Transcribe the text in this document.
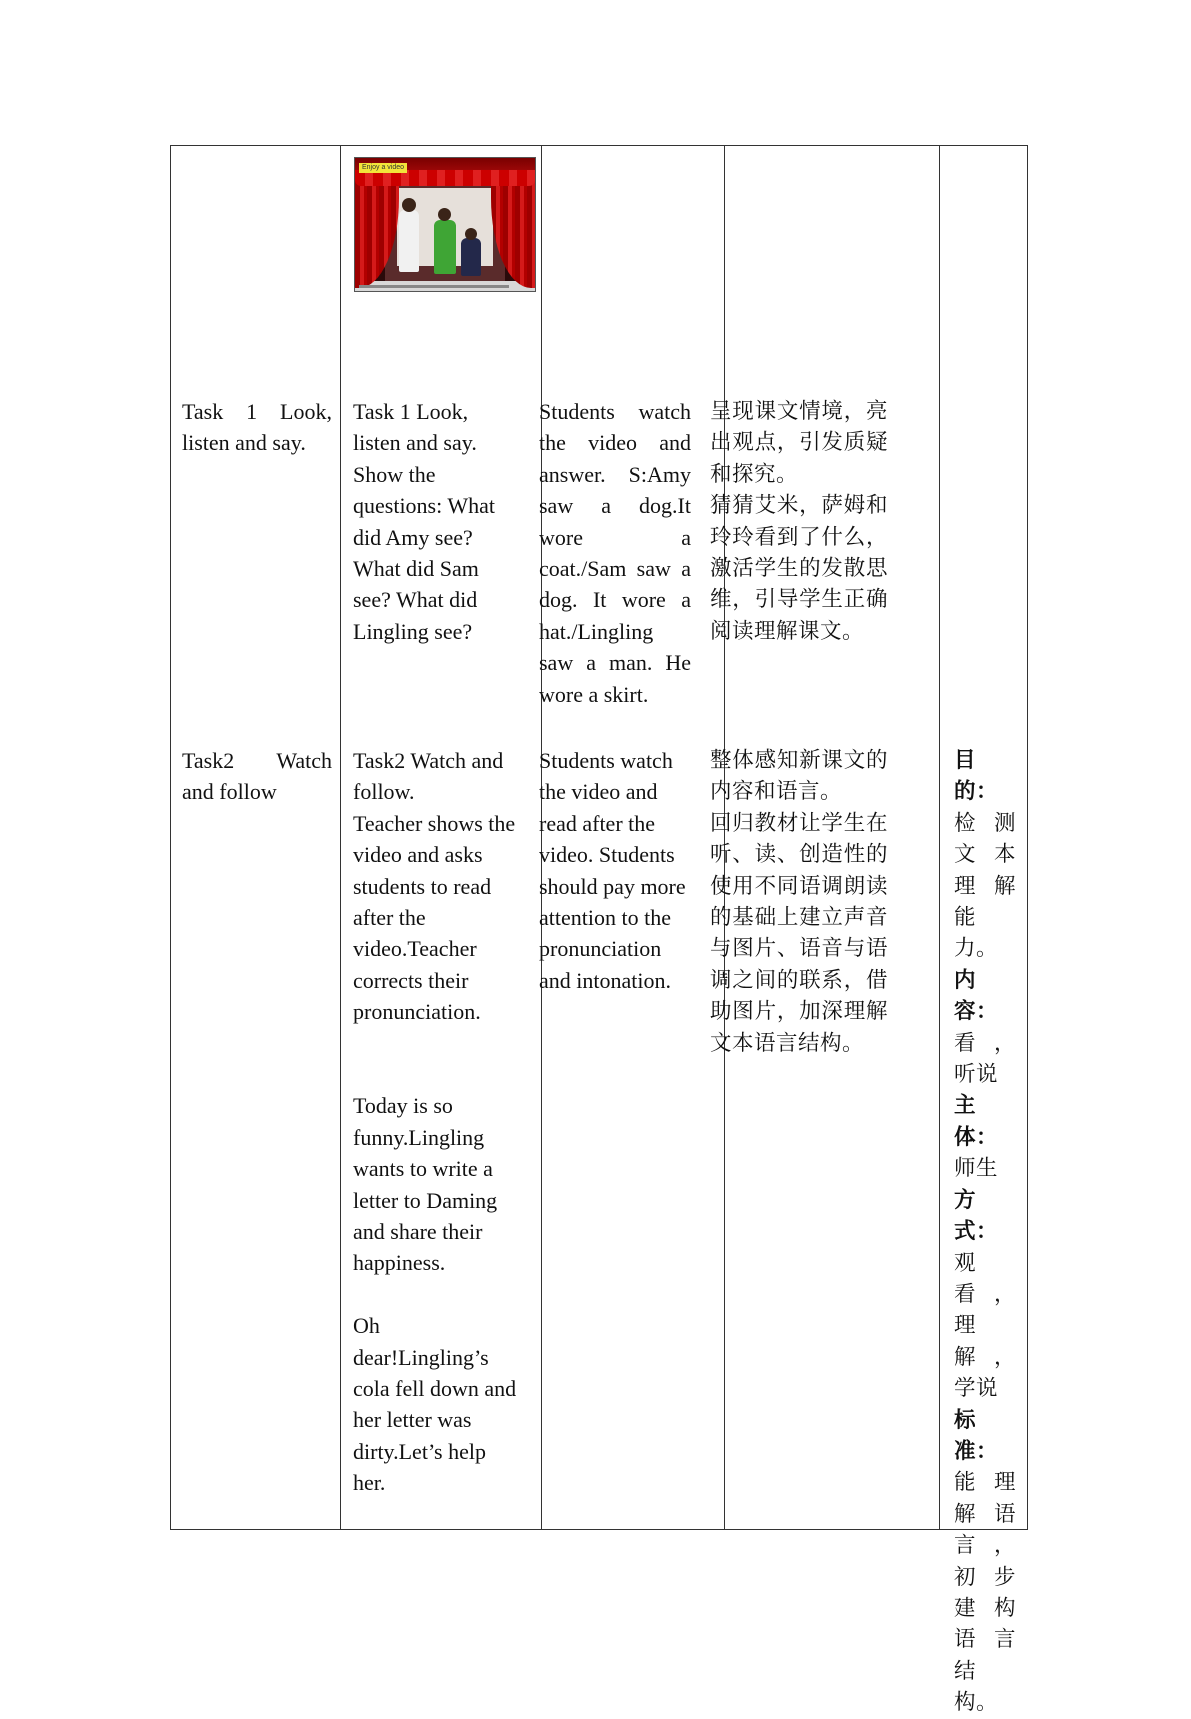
Enjoy a video
Task 1 Look, listen and say.

Task 1 Look,

listen and say.

Show the

questions: What

did Amy see?

What did Sam

see? What did

Lingling see?

Students watch the video and answer. S:Amy saw a dog.It wore a coat./Sam saw a dog. It wore a hat./Lingling saw a man. He wore a skirt.

呈现课文情境，亮出观点，引发质疑和探究。

猜猜艾米，萨姆和玲玲看到了什么，激活学生的发散思维，引导学生正确阅读理解课文。

Task2 Watch and follow

Task2 Watch and

follow.

Teacher shows the

video and asks

students to read

after the

video.Teacher

corrects their

pronunciation.

Today is so

funny.Lingling

wants to write a

letter to Daming

and share their

happiness.

Oh

dear!Lingling’s

cola fell down and

her letter was

dirty.Let’s help

her.

Students watch

the video and

read after the

video. Students

should pay more

attention to the

pronunciation

and intonation.

整体感知新课文的内容和语言。

回归教材让学生在听、读、创造性的使用不同语调朗读的基础上建立声音与图片、语音与语调之间的联系，借助图片，加深理解文本语言结构。

目的：

检测文本理解能力。

内容：

看，听说

主体：

师生

方式：

观看，理解，学说

标准：

能理解语言，初步建构语言结构。
